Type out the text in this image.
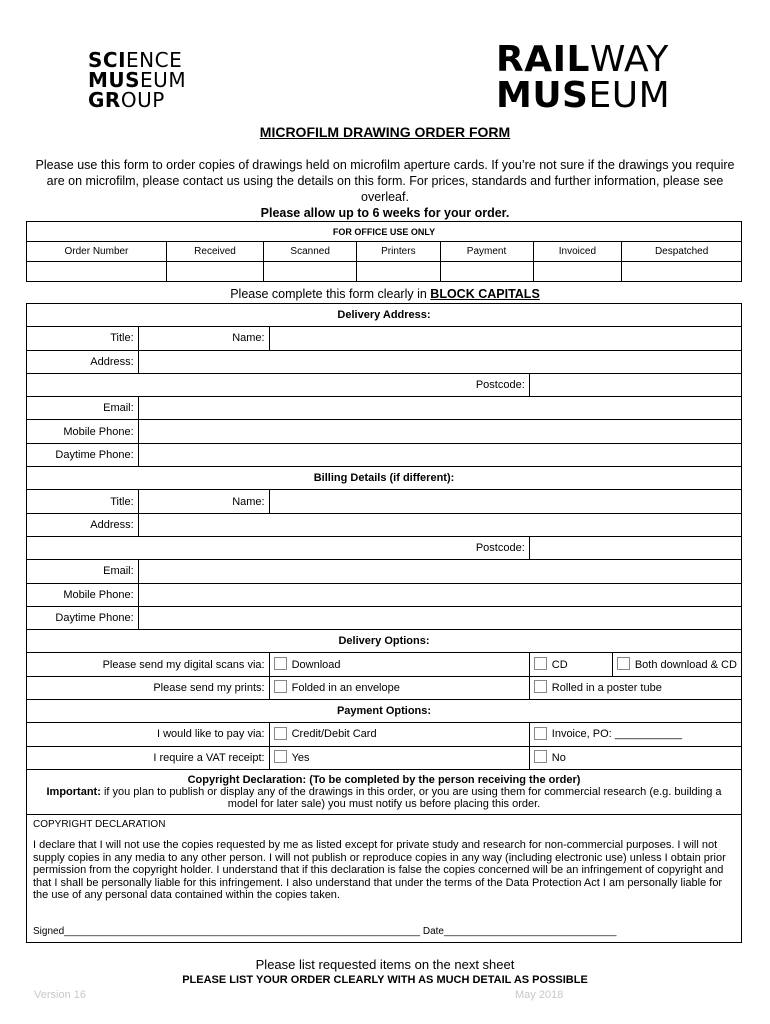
SCIENCE
MUSEUM
GROUP
RAILWAY
MUSEUM
MICROFILM DRAWING ORDER FORM
Please use this form to order copies of drawings held on microfilm aperture cards. If you’re not sure if the drawings you require are on microfilm, please contact us using the details on this form. For prices, standards and further information, please see overleaf.
Please allow up to 6 weeks for your order.
FOR OFFICE USE ONLY						
Order Number	Received	Scanned	Printers	Payment	Invoiced	Despatched

Please complete this form clearly in BLOCK CAPITALS
Delivery Address:				
Title:	Name:			
Address:				
Postcode:				
Email:				
Mobile Phone:				
Daytime Phone:				
Billing Details (if different):				
Title:	Name:			
Address:				
Postcode:				
Email:				
Mobile Phone:				
Daytime Phone:				
Delivery Options:				
Please send my digital scans via:		Download	CD	Both download & CD
Please send my prints:		Folded in an envelope	Rolled in a poster tube	
Payment Options:				
I would like to pay via:		Credit/Debit Card	Invoice, PO: ___________	
I require a VAT receipt:		Yes	No	

Copyright Declaration: (To be completed by the person receiving the order)
Important: if you plan to publish or display any of the drawings in this order, or you are using them for commercial research (e.g. building a model for later sale) you must notify us before placing this order.				

COPYRIGHT DECLARATION
I declare that I will not use the copies requested by me as listed except for private study and research for non-commercial purposes. I will not supply copies in any media to any other person. I will not publish or reproduce copies in any way (including electronic use) unless I obtain prior permission from the copyright holder. I understand that if this declaration is false the copies concerned will be an infringement of copyright and that I shall be personally liable for this infringement. I also understand that under the terms of the Data Protection Act I am personally liable for the use of any personal data contained within the copies taken.
Signed________________________________________________________________ Date_______________________________				
Please list requested items on the next sheet
PLEASE LIST YOUR ORDER CLEARLY WITH AS MUCH DETAIL AS POSSIBLE
Version 16	May 2018
